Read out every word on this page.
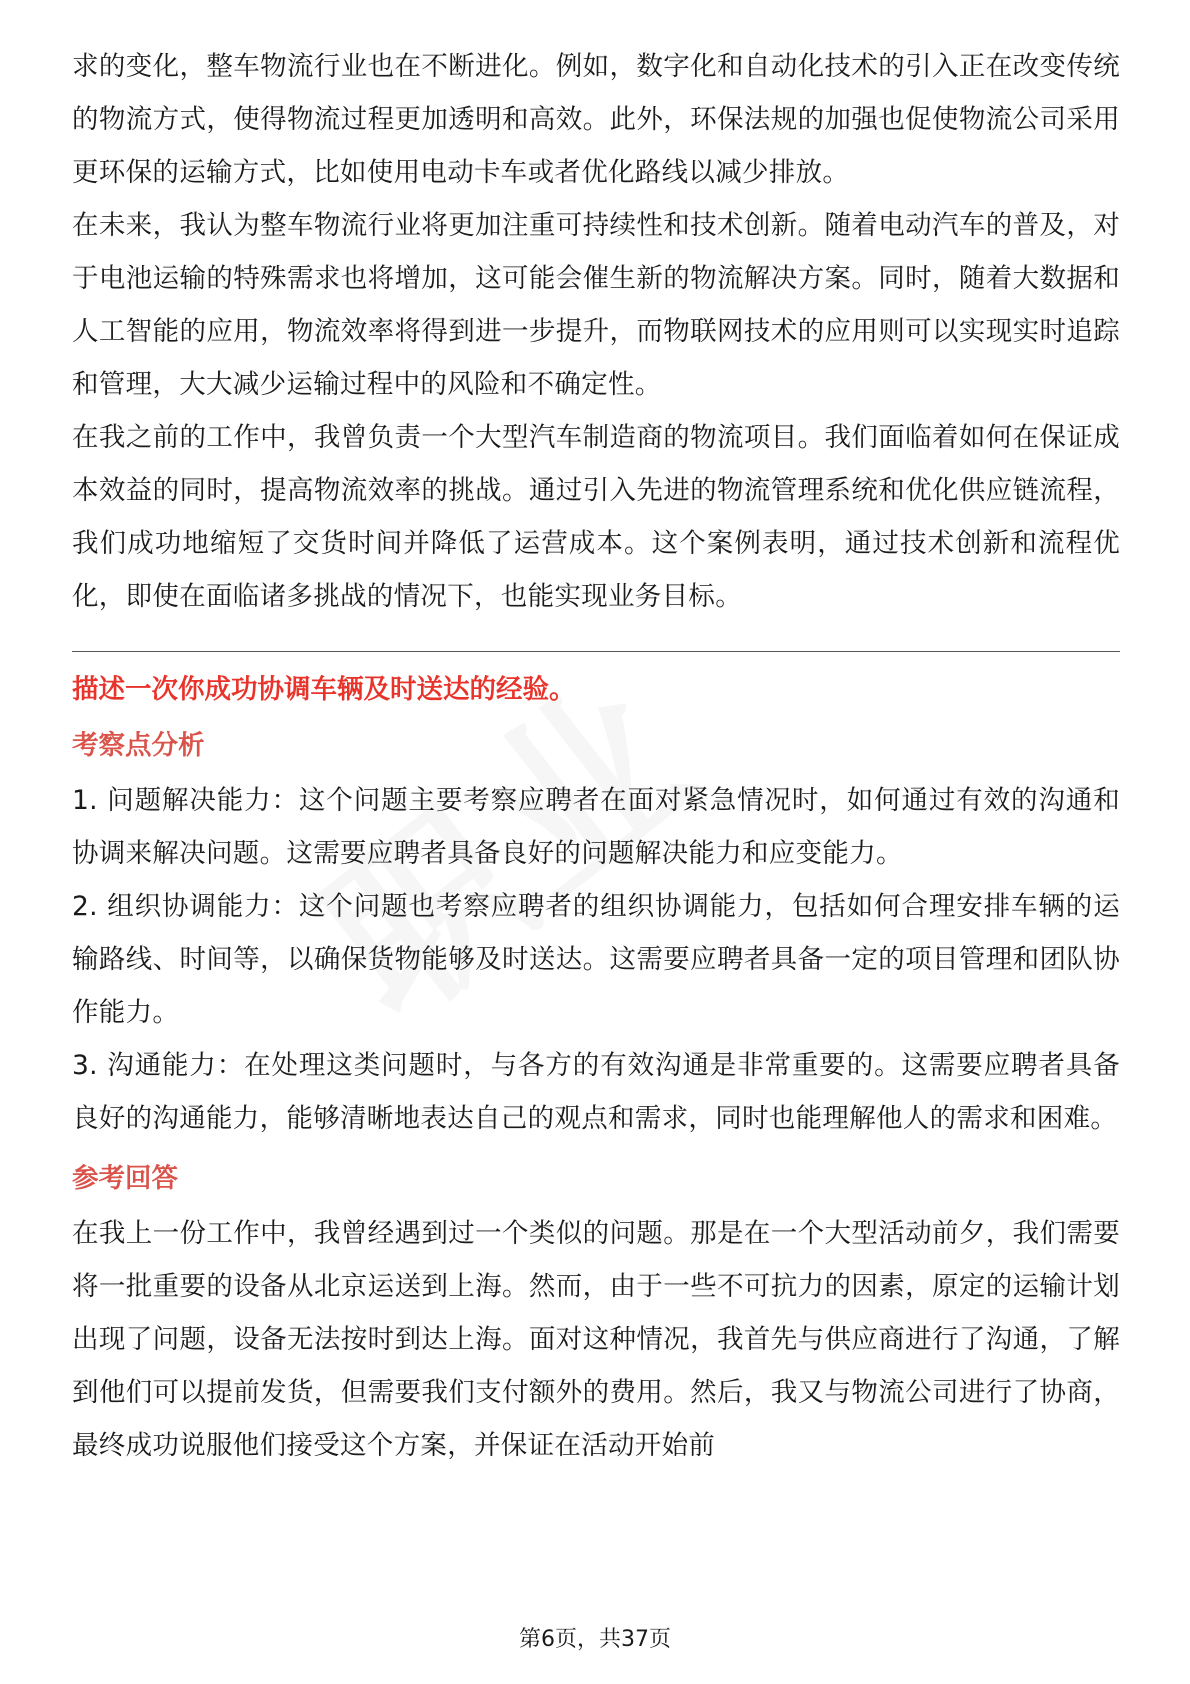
求的变化，整车物流行业也在不断进化。例如，数字化和自动化技术的引入正在改变传统的物流方式，使得物流过程更加透明和高效。此外，环保法规的加强也促使物流公司采用更环保的运输方式，比如使用电动卡车或者优化路线以减少排放。

在未来，我认为整车物流行业将更加注重可持续性和技术创新。随着电动汽车的普及，对于电池运输的特殊需求也将增加，这可能会催生新的物流解决方案。同时，随着大数据和人工智能的应用，物流效率将得到进一步提升，而物联网技术的应用则可以实现实时追踪和管理，大大减少运输过程中的风险和不确定性。

在我之前的工作中，我曾负责一个大型汽车制造商的物流项目。我们面临着如何在保证成本效益的同时，提高物流效率的挑战。通过引入先进的物流管理系统和优化供应链流程，我们成功地缩短了交货时间并降低了运营成本。这个案例表明，通过技术创新和流程优化，即使在面临诸多挑战的情况下，也能实现业务目标。

描述一次你成功协调车辆及时送达的经验。

考察点分析

1. 问题解决能力：这个问题主要考察应聘者在面对紧急情况时，如何通过有效的沟通和协调来解决问题。这需要应聘者具备良好的问题解决能力和应变能力。

2. 组织协调能力：这个问题也考察应聘者的组织协调能力，包括如何合理安排车辆的运输路线、时间等，以确保货物能够及时送达。这需要应聘者具备一定的项目管理和团队协作能力。

3. 沟通能力：在处理这类问题时，与各方的有效沟通是非常重要的。这需要应聘者具备良好的沟通能力，能够清晰地表达自己的观点和需求，同时也能理解他人的需求和困难。

参考回答

在我上一份工作中，我曾经遇到过一个类似的问题。那是在一个大型活动前夕，我们需要将一批重要的设备从北京运送到上海。然而，由于一些不可抗力的因素，原定的运输计划出现了问题，设备无法按时到达上海。面对这种情况，我首先与供应商进行了沟通，了解到他们可以提前发货，但需要我们支付额外的费用。然后，我又与物流公司进行了协商，最终成功说服他们接受这个方案，并保证在活动开始前

第6页，共37页
